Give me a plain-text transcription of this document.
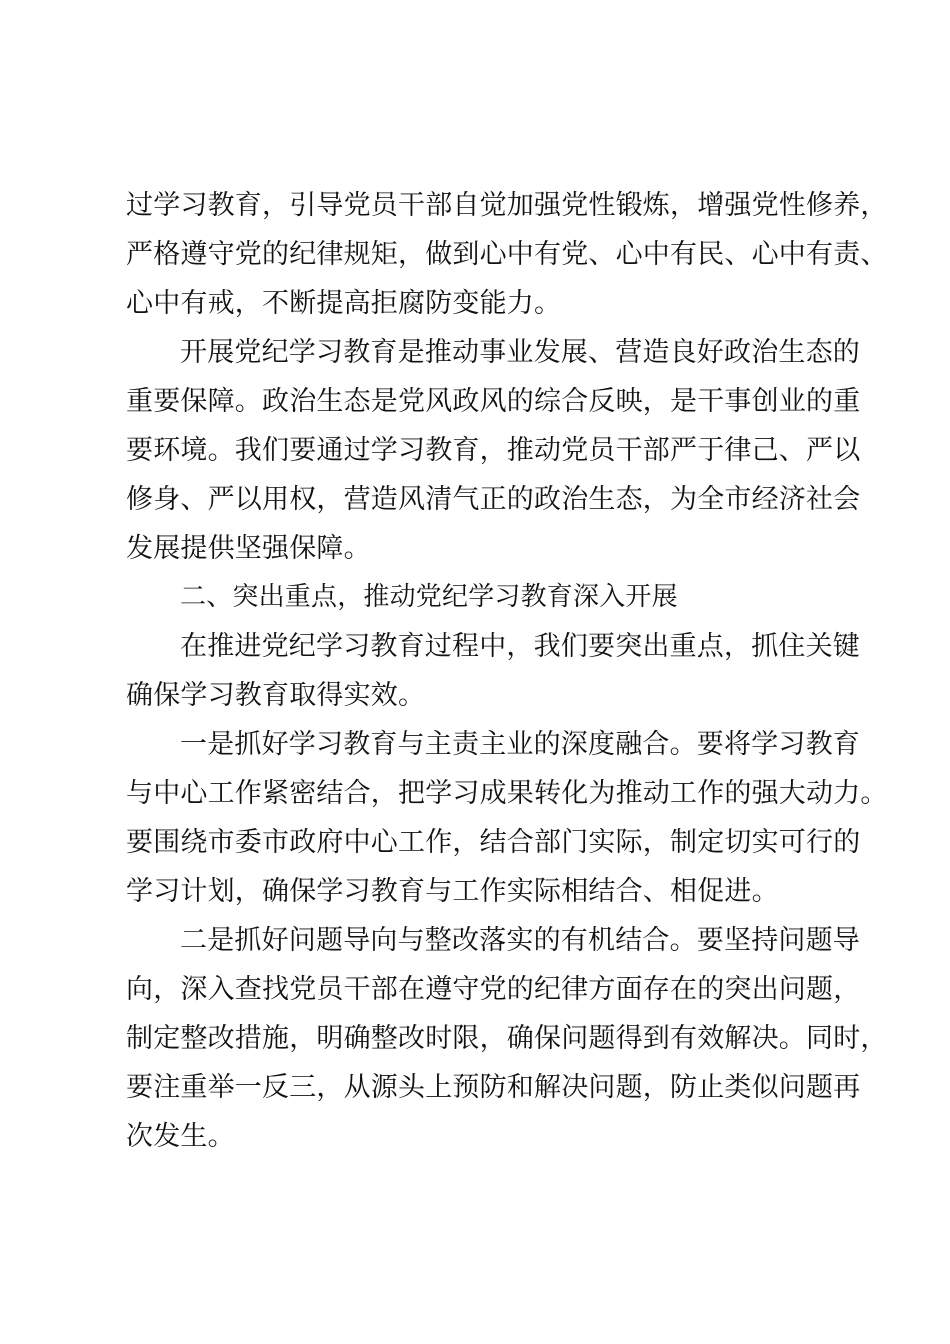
过学习教育，引导党员干部自觉加强党性锻炼，增强党性修养，
严格遵守党的纪律规矩，做到心中有党、心中有民、心中有责、
心中有戒，不断提高拒腐防变能力。
开展党纪学习教育是推动事业发展、营造良好政治生态的
重要保障。政治生态是党风政风的综合反映，是干事创业的重
要环境。我们要通过学习教育，推动党员干部严于律己、严以
修身、严以用权，营造风清气正的政治生态，为全市经济社会
发展提供坚强保障。
二、突出重点，推动党纪学习教育深入开展
在推进党纪学习教育过程中，我们要突出重点，抓住关键
确保学习教育取得实效。
一是抓好学习教育与主责主业的深度融合。要将学习教育
与中心工作紧密结合，把学习成果转化为推动工作的强大动力。
要围绕市委市政府中心工作，结合部门实际，制定切实可行的
学习计划，确保学习教育与工作实际相结合、相促进。
二是抓好问题导向与整改落实的有机结合。要坚持问题导
向，深入查找党员干部在遵守党的纪律方面存在的突出问题，
制定整改措施，明确整改时限，确保问题得到有效解决。同时，
要注重举一反三，从源头上预防和解决问题，防止类似问题再
次发生。
